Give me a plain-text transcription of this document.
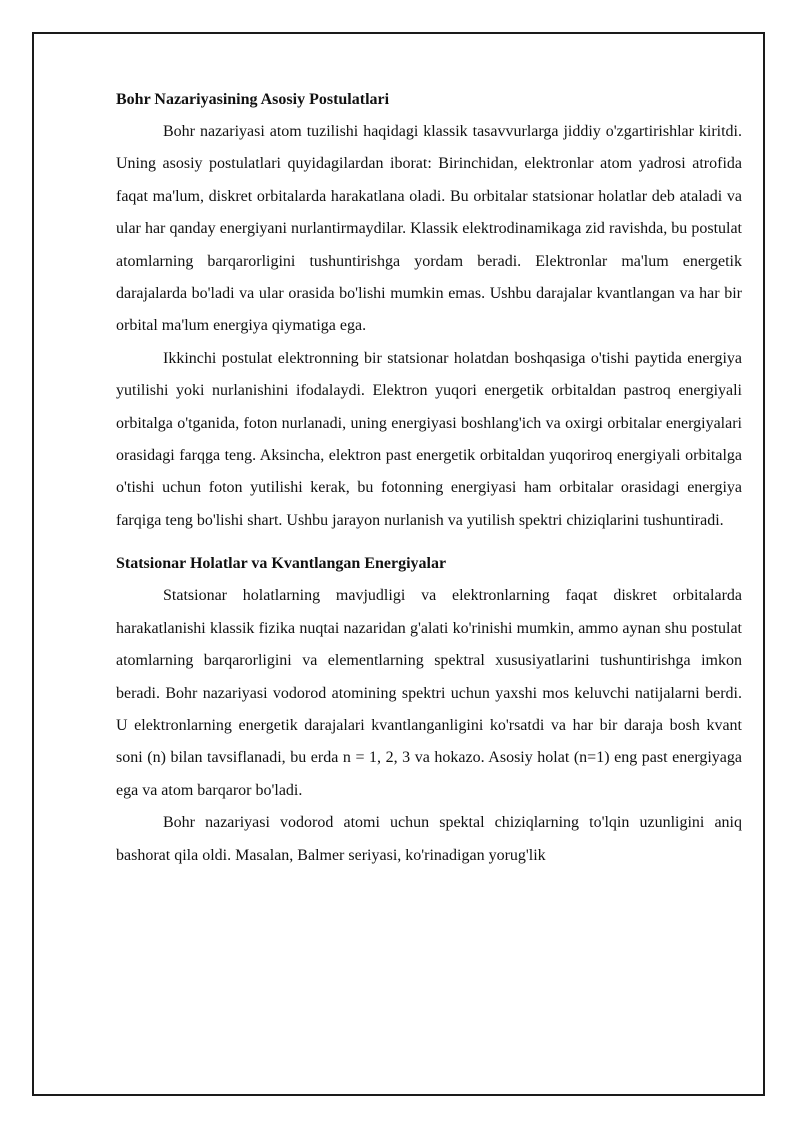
Bohr Nazariyasining Asosiy Postulatlari

Bohr nazariyasi atom tuzilishi haqidagi klassik tasavvurlarga jiddiy o'zgartirishlar kiritdi. Uning asosiy postulatlari quyidagilardan iborat: Birinchidan, elektronlar atom yadrosi atrofida faqat ma'lum, diskret orbitalarda harakatlana oladi. Bu orbitalar statsionar holatlar deb ataladi va ular har qanday energiyani nurlantirmaydilar. Klassik elektrodinamikaga zid ravishda, bu postulat atomlarning barqarorligini tushuntirishga yordam beradi. Elektronlar ma'lum energetik darajalarda bo'ladi va ular orasida bo'lishi mumkin emas. Ushbu darajalar kvantlangan va har bir orbital ma'lum energiya qiymatiga ega.

Ikkinchi postulat elektronning bir statsionar holatdan boshqasiga o'tishi paytida energiya yutilishi yoki nurlanishini ifodalaydi. Elektron yuqori energetik orbitaldan pastroq energiyali orbitalga o'tganida, foton nurlanadi, uning energiyasi boshlang'ich va oxirgi orbitalar energiyalari orasidagi farqga teng. Aksincha, elektron past energetik orbitaldan yuqoriroq energiyali orbitalga o'tishi uchun foton yutilishi kerak, bu fotonning energiyasi ham orbitalar orasidagi energiya farqiga teng bo'lishi shart. Ushbu jarayon nurlanish va yutilish spektri chiziqlarini tushuntiradi.

Statsionar Holatlar va Kvantlangan Energiyalar

Statsionar holatlarning mavjudligi va elektronlarning faqat diskret orbitalarda harakatlanishi klassik fizika nuqtai nazaridan g'alati ko'rinishi mumkin, ammo aynan shu postulat atomlarning barqarorligini va elementlarning spektral xususiyatlarini tushuntirishga imkon beradi. Bohr nazariyasi vodorod atomining spektri uchun yaxshi mos keluvchi natijalarni berdi. U elektronlarning energetik darajalari kvantlanganligini ko'rsatdi va har bir daraja bosh kvant soni (n) bilan tavsiflanadi, bu erda n = 1, 2, 3 va hokazo. Asosiy holat (n=1) eng past energiyaga ega va atom barqaror bo'ladi.

Bohr nazariyasi vodorod atomi uchun spektal chiziqlarning to'lqin uzunligini aniq bashorat qila oldi. Masalan, Balmer seriyasi, ko'rinadigan yorug'lik
